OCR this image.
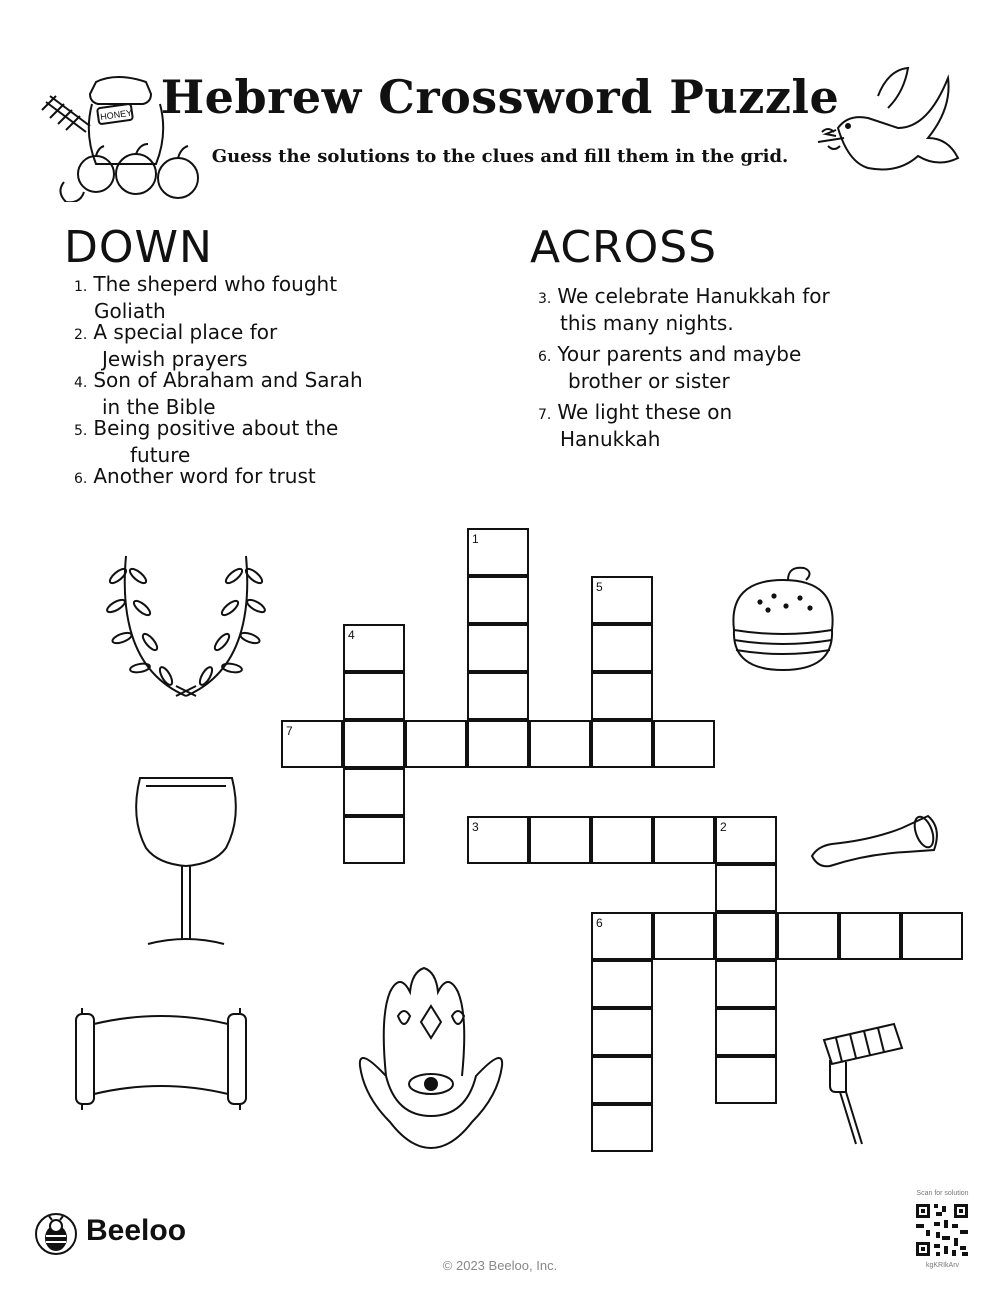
Hebrew Crossword Puzzle
Guess the solutions to the clues and fill them in the grid.
HONEY
DOWN
1. The sheperd who fought
Goliath
2. A special place for
Jewish prayers
4. Son of Abraham and Sarah
in the Bible
5. Being positive about the
future
6. Another word for trust
ACROSS
3. We celebrate Hanukkah for
this many nights.
6. Your parents and maybe
brother or sister
7. We light these on
Hanukkah
1
5
4
7
3	2
6
Beeloo
© 2023 Beeloo, Inc.
Scan for solution
kgKRIkArv
